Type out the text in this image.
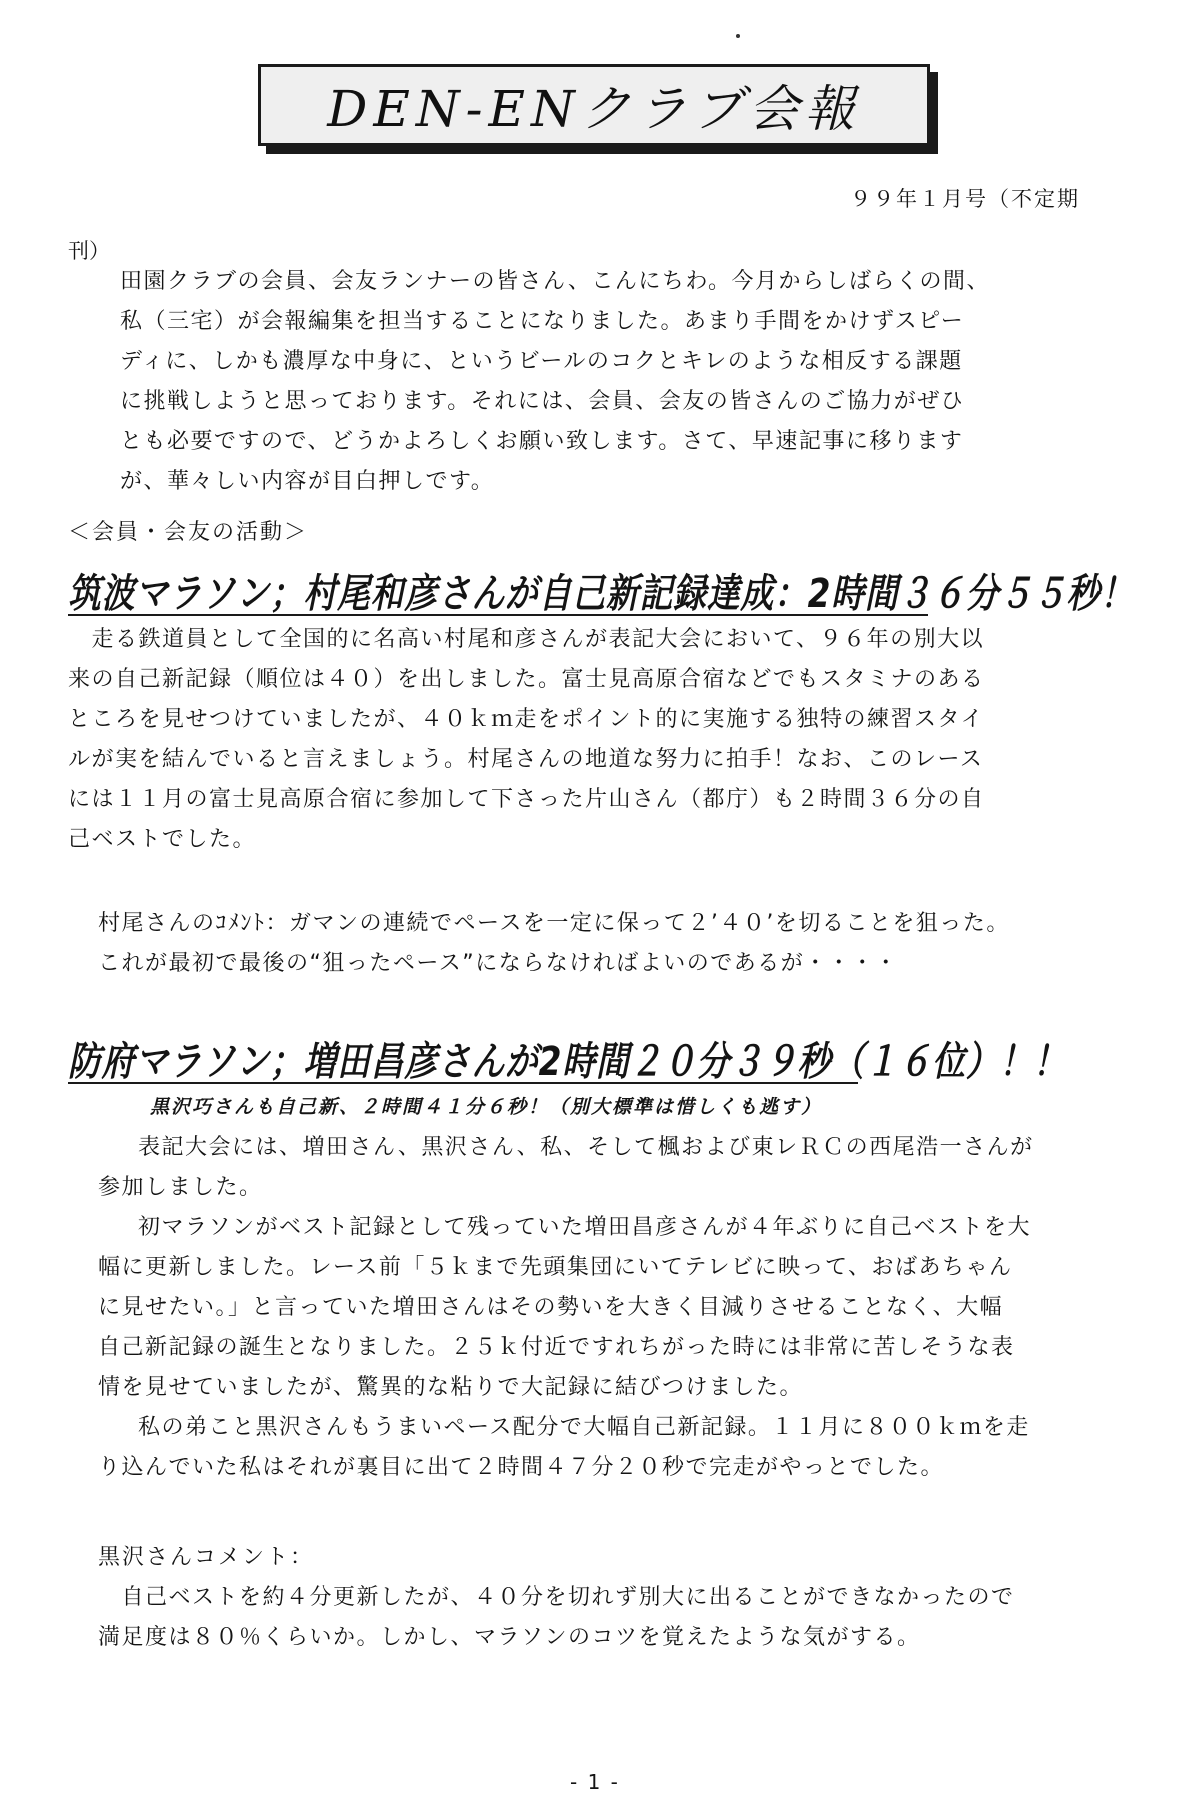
DEN-ENクラブ会報
９９年１月号（不定期
刊）
田園クラブの会員、会友ランナーの皆さん、こんにちわ。今月からしばらくの間、
私（三宅）が会報編集を担当することになりました。あまり手間をかけずスピー
ディに、しかも濃厚な中身に、というビールのコクとキレのような相反する課題
に挑戦しようと思っております。それには、会員、会友の皆さんのご協力がぜひ
とも必要ですので、どうかよろしくお願い致します。さて、早速記事に移ります
が、華々しい内容が目白押しです。
＜会員・会友の活動＞
筑波マラソン；村尾和彦さんが自己新記録達成：2時間３６分５５秒！
　走る鉄道員として全国的に名高い村尾和彦さんが表記大会において、９６年の別大以
来の自己新記録（順位は４０）を出しました。富士見高原合宿などでもスタミナのある
ところを見せつけていましたが、４０ｋｍ走をポイント的に実施する独特の練習スタイ
ルが実を結んでいると言えましょう。村尾さんの地道な努力に拍手！なお、このレース
には１１月の富士見高原合宿に参加して下さった片山さん（都庁）も２時間３６分の自
己ベストでした。
村尾さんのｺﾒﾝﾄ：ガマンの連続でペースを一定に保って２’４０’を切ることを狙った。
これが最初で最後の“狙ったペース”にならなければよいのであるが・・・・
防府マラソン；増田昌彦さんが2時間２０分３９秒（１６位）！！
黒沢巧さんも自己新、２時間４１分６秒！（別大標準は惜しくも逃す）

表記大会には、増田さん、黒沢さん、私、そして楓および東レＲＣの西尾浩一さんが
参加しました。

初マラソンがベスト記録として残っていた増田昌彦さんが４年ぶりに自己ベストを大
幅に更新しました。レース前「５ｋまで先頭集団にいてテレビに映って、おばあちゃん
に見せたい。」と言っていた増田さんはその勢いを大きく目減りさせることなく、大幅
自己新記録の誕生となりました。２５ｋ付近ですれちがった時には非常に苦しそうな表
情を見せていましたが、驚異的な粘りで大記録に結びつけました。

私の弟こと黒沢さんもうまいペース配分で大幅自己新記録。１１月に８００ｋｍを走
り込んでいた私はそれが裏目に出て２時間４７分２０秒で完走がやっとでした。

黒沢さんコメント：
　自己ベストを約４分更新したが、４０分を切れず別大に出ることができなかったので
満足度は８０％くらいか。しかし、マラソンのコツを覚えたような気がする。
- 1 -
